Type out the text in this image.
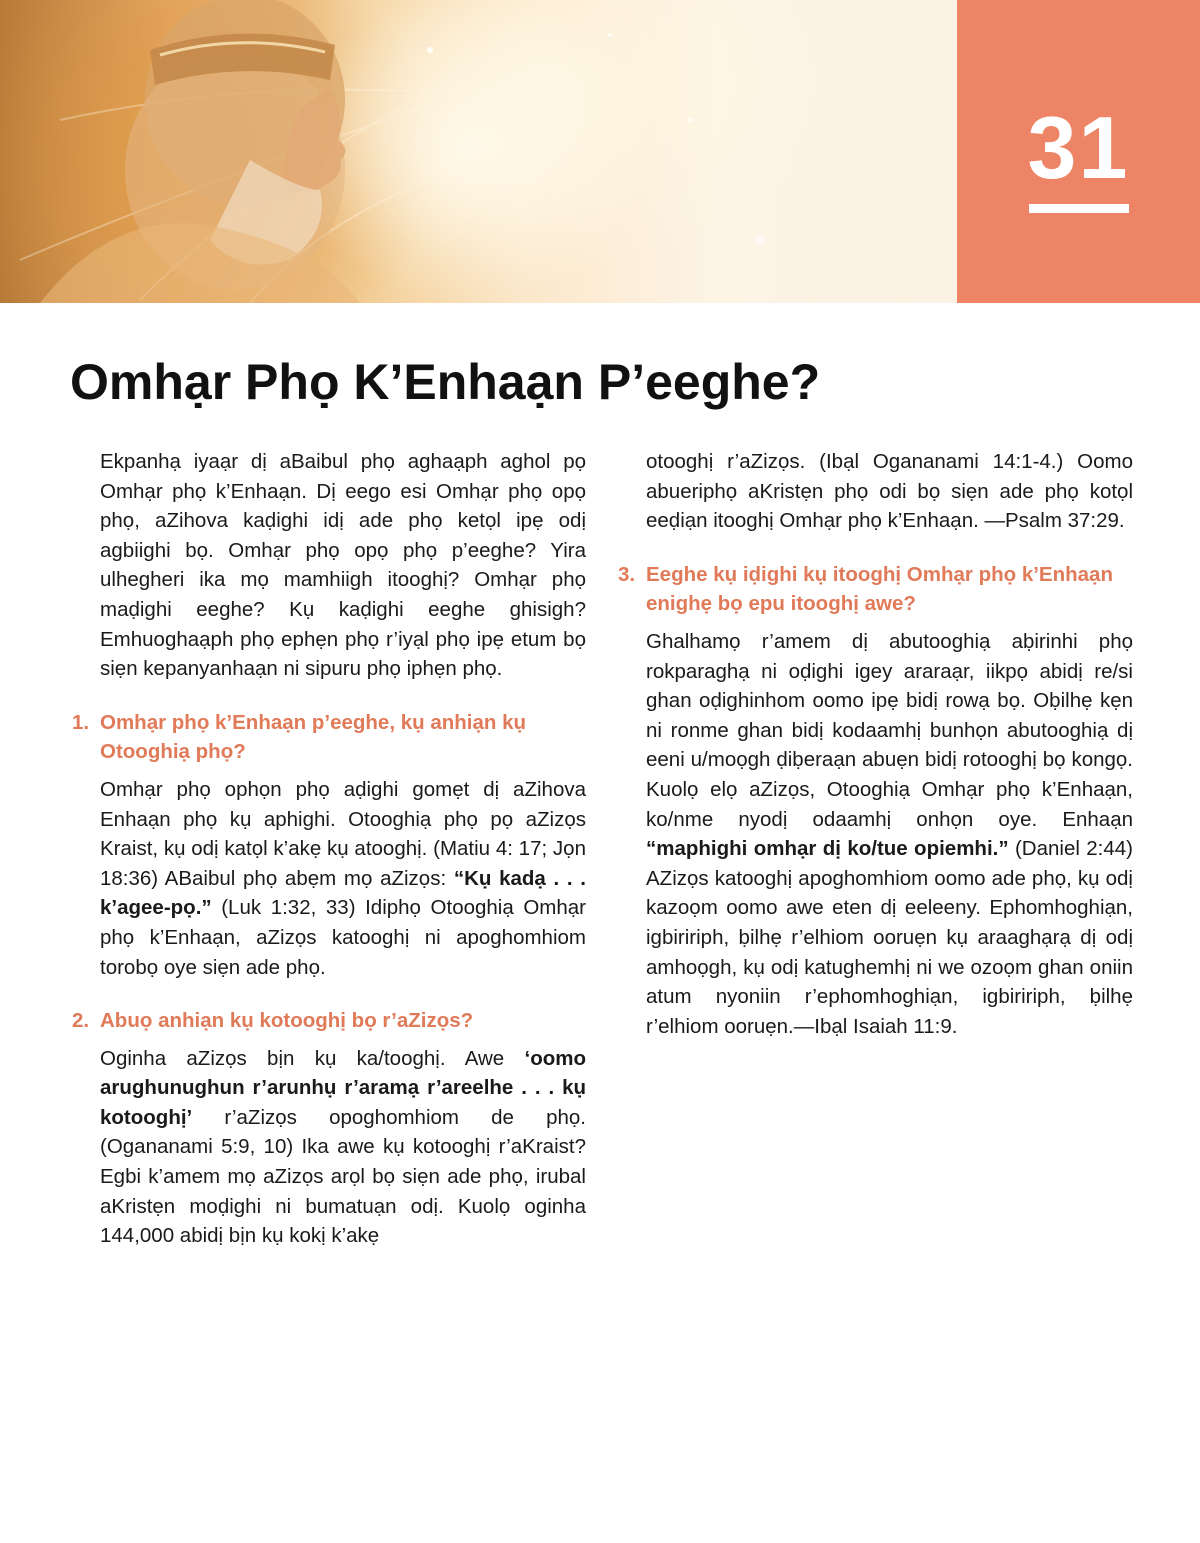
31
Omhạr Phọ K’Enhaạn P’eeghe?

Ekpanhạ iyaạr dị aBaibul phọ aghaạph aghol pọ Omhạr phọ k’Enhaạn. Dị eego esi Omhạr phọ opọ phọ, aZihova kaḍighi idị ade phọ ketọl ipẹ odị agbiighi bọ. Omhạr phọ opọ phọ p’eeghe? Yira ulhegheri ika mọ mamhiigh itooghị? Omhạr phọ maḍighi eeghe? Kụ kaḍighi eeghe ghisigh? Emhuoghaạph phọ ephẹn phọ r’iyạl phọ ipẹ etum bọ siẹn kepanyanhaạn ni sipuru phọ iphẹn phọ.

1. Omhạr phọ k’Enhaạn p’eeghe, kụ anhiạn kụ Otooghiạ phọ?

Omhạr phọ ophọn phọ aḍighi gomẹt dị aZihova Enhaạn phọ kụ aphighi. Otooghiạ phọ pọ aZizọs Kraist, kụ odị katọl k’akẹ kụ atooghị. (Matiu 4: 17; Jọn 18:36) ABaibul phọ abẹm mọ aZizọs: “Kụ kadạ . . . k’agee-pọ.” (Luk 1:32, 33) Idiphọ Otooghiạ Omhạr phọ k’Enhaạn, aZizọs katooghị ni apoghomhiom torobọ oye siẹn ade phọ.

2. Abuọ anhiạn kụ kotooghị bọ r’aZizọs?

Oginha aZizọs bịn kụ ka/tooghị. Awe ‘oomo arughunughun r’arunhụ r’aramạ r’areelhe . . . kụ kotooghị’ r’aZizọs opoghomhiom de phọ. (Ogananami 5:9, 10) Ika awe kụ kotooghị r’aKraist? Egbi k’amem mọ aZizọs arọl bọ siẹn ade phọ, irubal aKristẹn moḍighi ni bumatuạn odị. Kuolọ oginha 144,000 abidị bịn kụ kokị k’akẹ

otooghị r’aZizọs. (Ibạl Ogananami 14:1-4.) Oomo abueriphọ aKristẹn phọ odi bọ siẹn ade phọ kotọl eeḍiạn itooghị Omhạr phọ k’Enhaạn. —Psalm 37:29.

3. Eeghe kụ iḍighi kụ itooghị Omhạr phọ k’Enhaạn enighẹ bọ epu itooghị awe?

Ghalhamọ r’amem dị abutooghiạ aḅirinhi phọ rokparaghạ ni oḍighi igey araraạr, iikpọ abidị re/si ghan oḍighinhom oomo ipẹ bidị rowạ bọ. Oḅilhẹ kẹn ni ronme ghan bidị kodaamhị bunhọn abutooghiạ dị eeni u/moọgh ḍiḅeraạn abuẹn bidị rotooghị bọ kongọ. Kuolọ elọ aZizọs, Otooghiạ Omhạr phọ k’Enhaạn, ko/nme nyodị odaamhị onhọn oye. Enhaạn “maphighi omhạr dị ko/tue opiemhi.” (Daniel 2:44) AZizọs katooghị apoghomhiom oomo ade phọ, kụ odị kazoọm oomo awe eten dị eeleeny. Ephomhoghiạn, igbiririph, ḅilhẹ r’elhiom ooruẹn kụ araaghạrạ dị odị amhoọgh, kụ odị katughemhị ni we ozoọm ghan oniin atum nyoniin r’ephomhoghiạn, igbiririph, ḅilhẹ r’elhiom ooruẹn.—Ibạl Isaiah 11:9.
